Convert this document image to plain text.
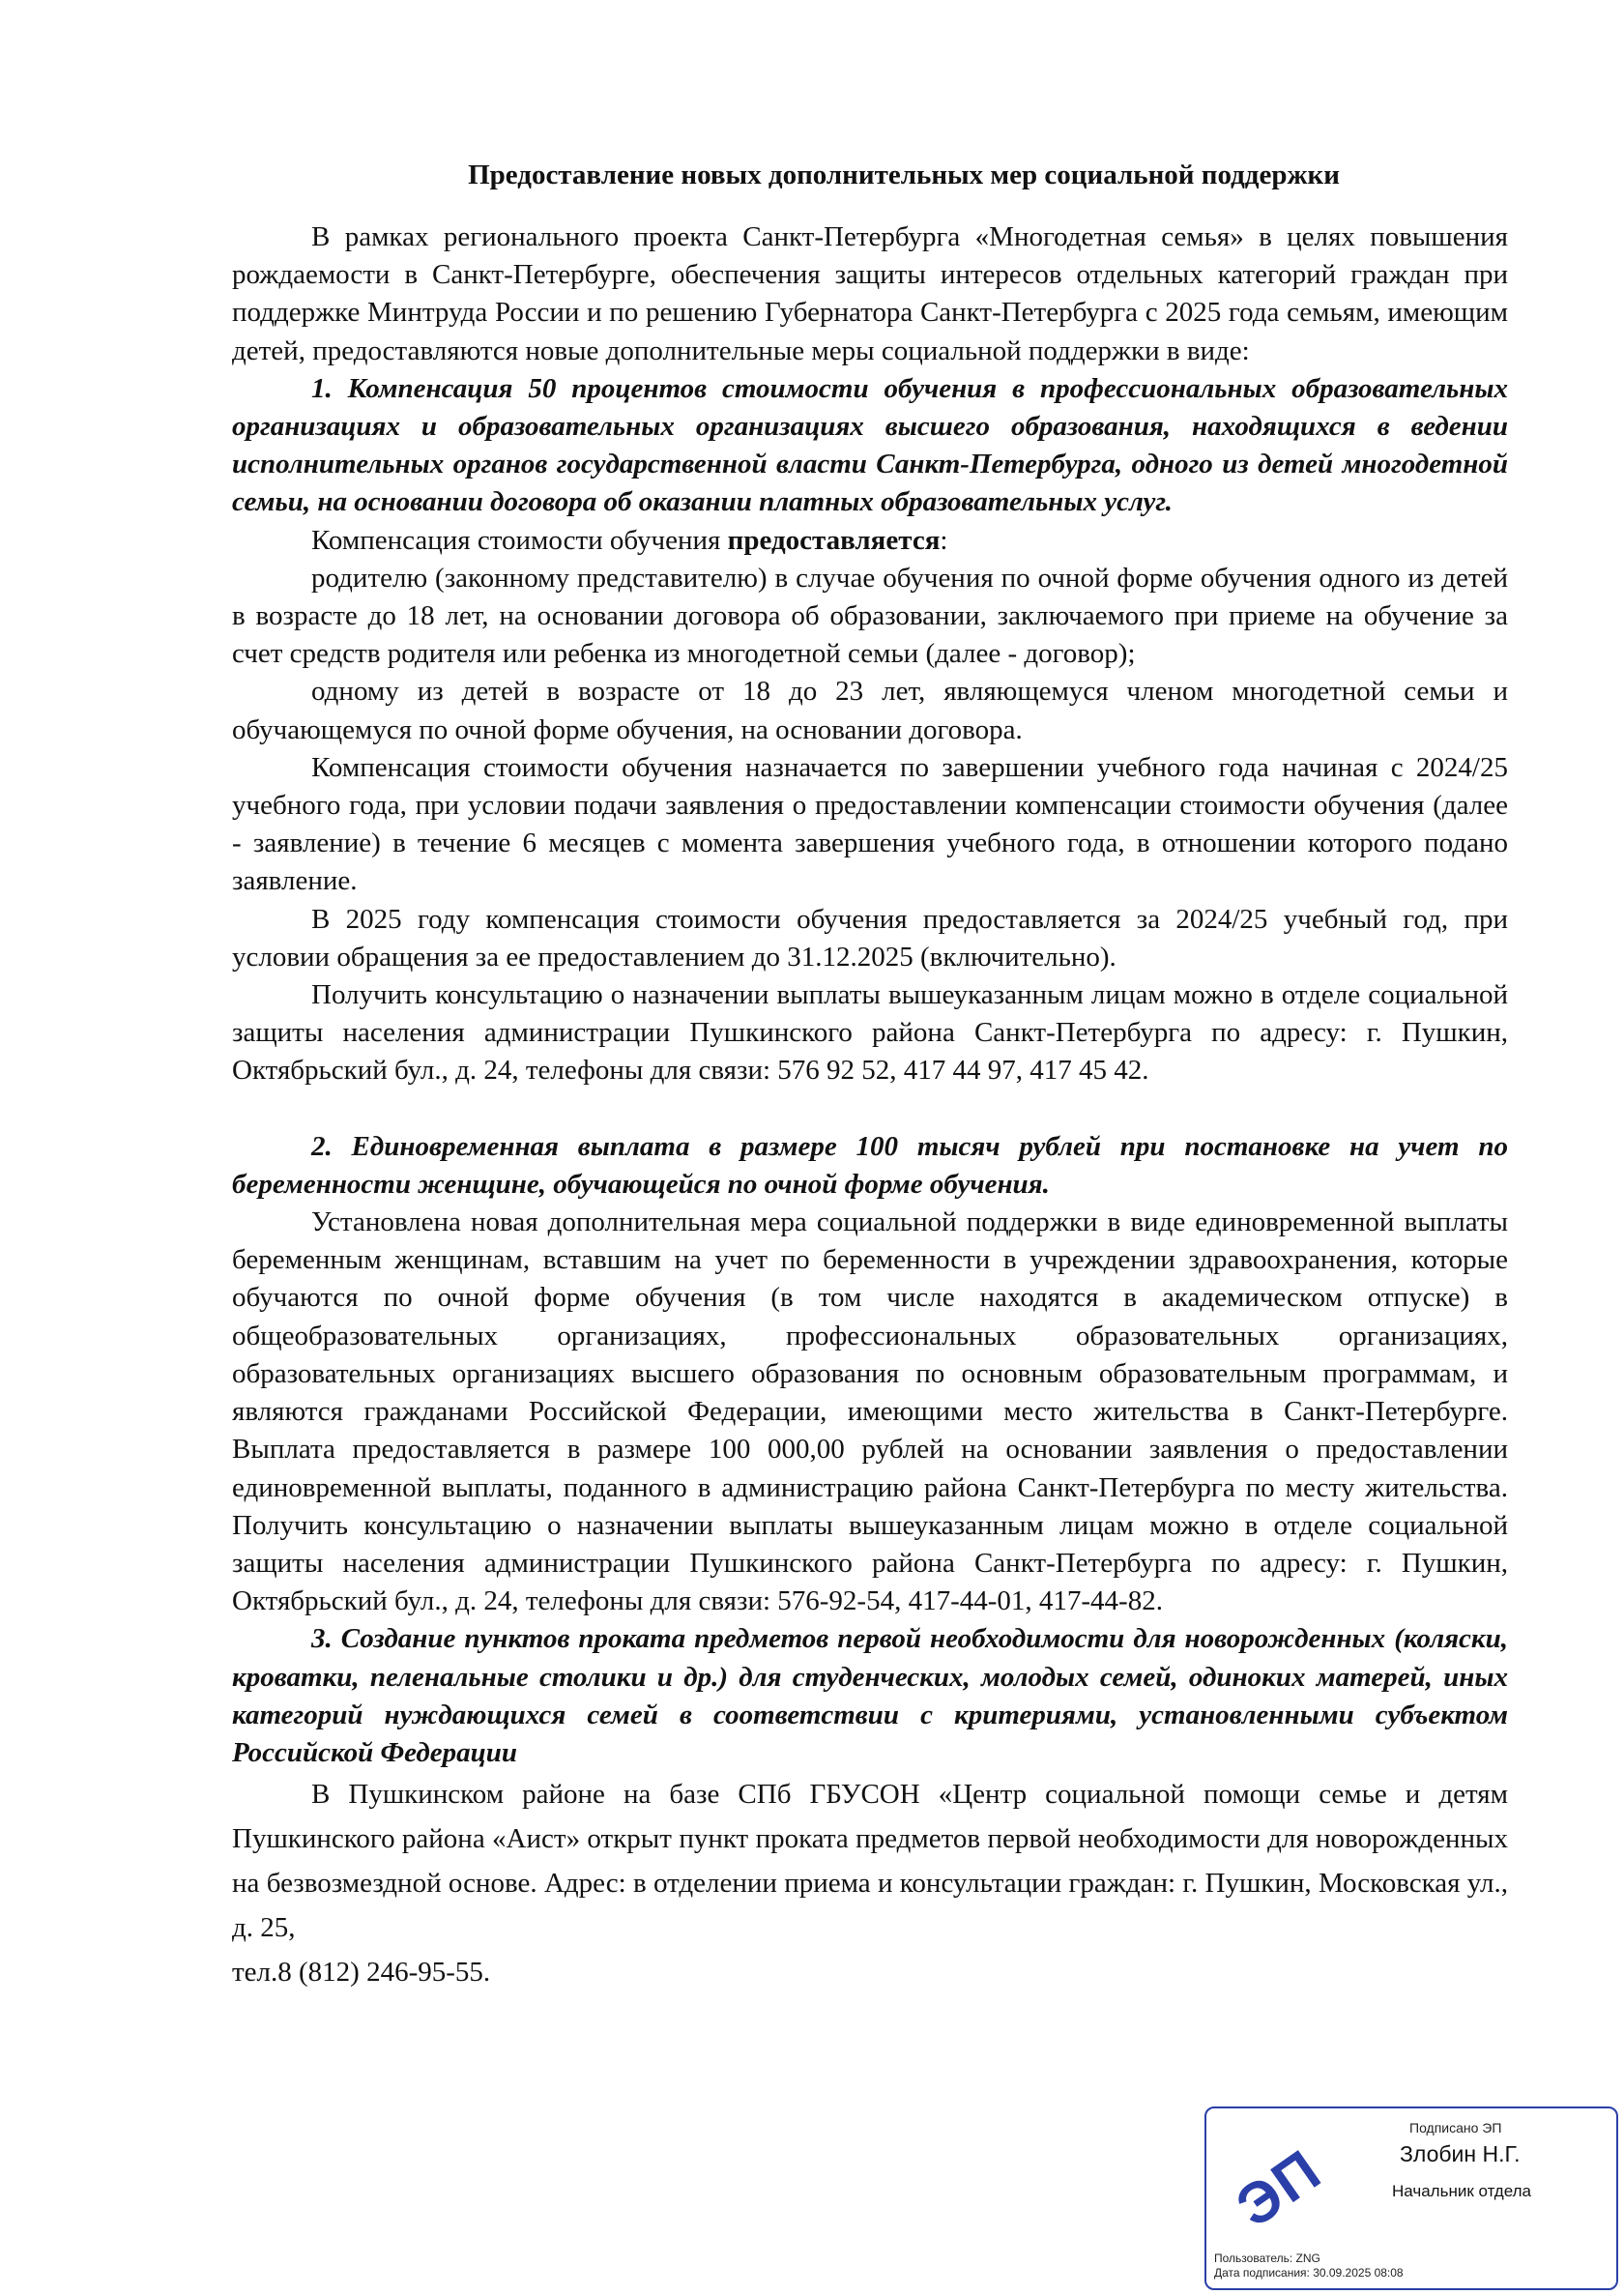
Предоставление новых дополнительных мер социальной поддержки

В рамках регионального проекта Санкт-Петербурга «Многодетная семья» в целях повышения рождаемости в Санкт-Петербурге, обеспечения защиты интересов отдельных категорий граждан при поддержке Минтруда России и по решению Губернатора Санкт-Петербурга с 2025 года семьям, имеющим детей, предоставляются новые дополнительные меры социальной поддержки в виде:

1. Компенсация 50 процентов стоимости обучения в профессиональных образовательных организациях и образовательных организациях высшего образования, находящихся в ведении исполнительных органов государственной власти Санкт-Петербурга, одного из детей многодетной семьи, на основании договора об оказании платных образовательных услуг.

Компенсация стоимости обучения предоставляется:

родителю (законному представителю) в случае обучения по очной форме обучения одного из детей в возрасте до 18 лет, на основании договора об образовании, заключаемого при приеме на обучение за счет средств родителя или ребенка из многодетной семьи (далее - договор);

одному из детей в возрасте от 18 до 23 лет, являющемуся членом многодетной семьи и обучающемуся по очной форме обучения, на основании договора.

Компенсация стоимости обучения назначается по завершении учебного года начиная с 2024/25 учебного года, при условии подачи заявления о предоставлении компенсации стоимости обучения (далее - заявление) в течение 6 месяцев с момента завершения учебного года, в отношении которого подано заявление.

В 2025 году компенсация стоимости обучения предоставляется за 2024/25 учебный год, при условии обращения за ее предоставлением до 31.12.2025 (включительно).

Получить консультацию о назначении выплаты вышеуказанным лицам можно в отделе социальной защиты населения администрации Пушкинского района Санкт-Петербурга по адресу: г. Пушкин, Октябрьский бул., д. 24, телефоны для связи: 576 92 52, 417 44 97, 417 45 42.

2. Единовременная выплата в размере 100 тысяч рублей при постановке на учет по беременности женщине, обучающейся по очной форме обучения.

Установлена новая дополнительная мера социальной поддержки в виде единовременной выплаты беременным женщинам, вставшим на учет по беременности в учреждении здравоохранения, которые обучаются по очной форме обучения (в том числе находятся в академическом отпуске) в общеобразовательных организациях, профессиональных образовательных организациях, образовательных организациях высшего образования по основным образовательным программам, и являются гражданами Российской Федерации, имеющими место жительства в Санкт-Петербурге. Выплата предоставляется в размере 100 000,00 рублей на основании заявления о предоставлении единовременной выплаты, поданного в администрацию района Санкт-Петербурга по месту жительства. Получить консультацию о назначении выплаты вышеуказанным лицам можно в отделе социальной защиты населения администрации Пушкинского района Санкт-Петербурга по адресу: г. Пушкин, Октябрьский бул., д. 24, телефоны для связи: 576-92-54, 417-44-01, 417-44-82.

3. Создание пунктов проката предметов первой необходимости для новорожденных (коляски, кроватки, пеленальные столики и др.) для студенческих, молодых семей, одиноких матерей, иных категорий нуждающихся семей в соответствии с критериями, установленными субъектом Российской Федерации

В Пушкинском районе на базе СПб ГБУСОН «Центр социальной помощи семье и детям Пушкинского района «Аист» открыт пункт проката предметов первой необходимости для новорожденных на безвозмездной основе. Адрес: в отделении приема и консультации граждан: г. Пушкин, Московская ул., д. 25,

тел.8 (812) 246-95-55.

ЭП
Подписано ЭП
Злобин Н.Г.
Начальник отдела
Пользователь: ZNG
Дата подписания: 30.09.2025 08:08
